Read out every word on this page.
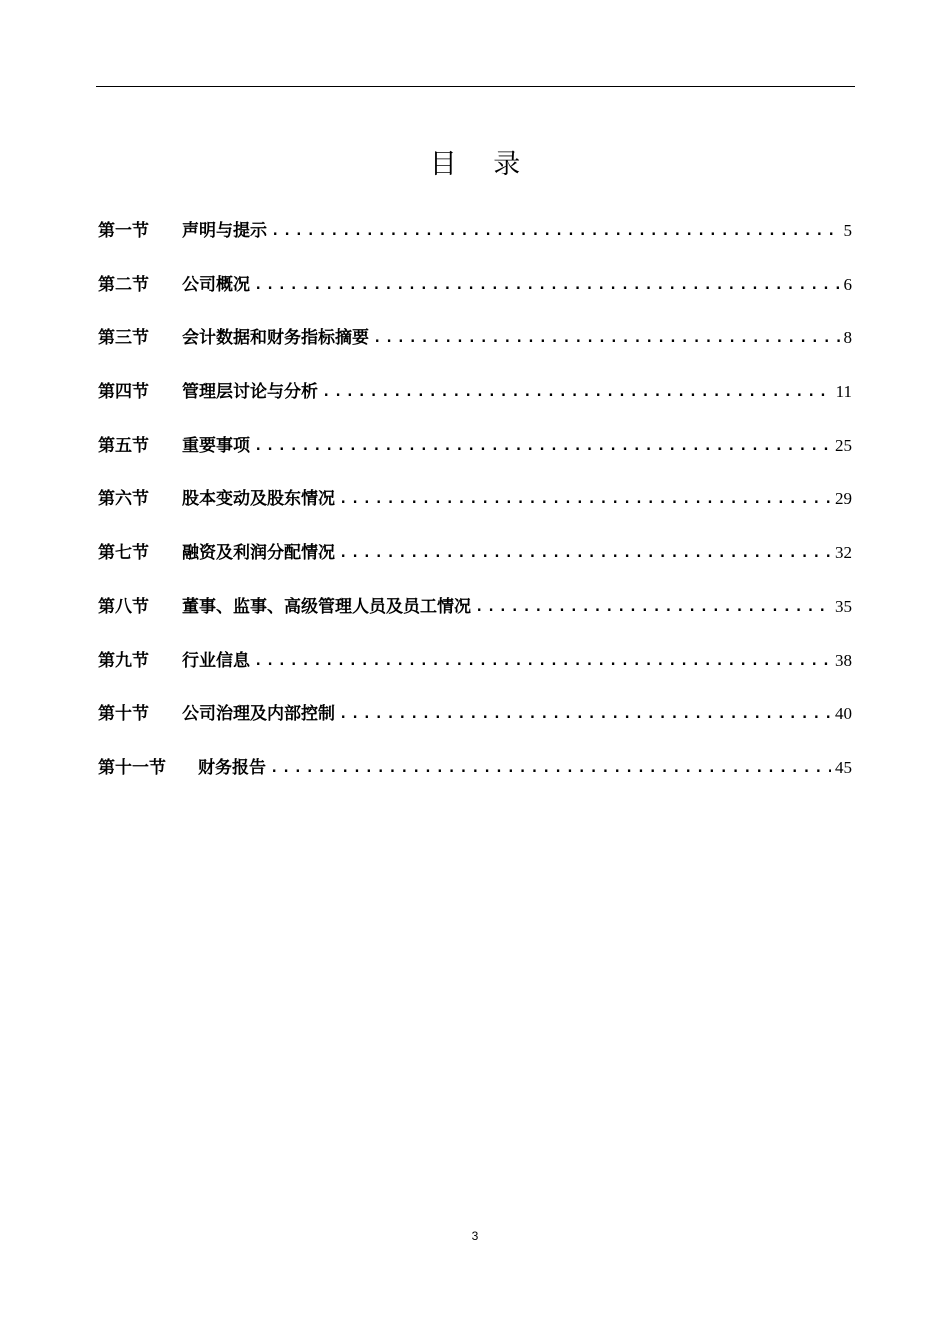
目 录
第一节	声明与提示 .....	5
第二节	公司概况 .....	6
第三节	会计数据和财务指标摘要 .....	8
第四节	管理层讨论与分析 .....	11
第五节	重要事项 .....	25
第六节	股本变动及股东情况 .....	29
第七节	融资及利润分配情况 .....	32
第八节	董事、监事、高级管理人员及员工情况 .....	35
第九节	行业信息 .....	38
第十节	公司治理及内部控制 .....	40
第十一节	财务报告 .....	45
3
